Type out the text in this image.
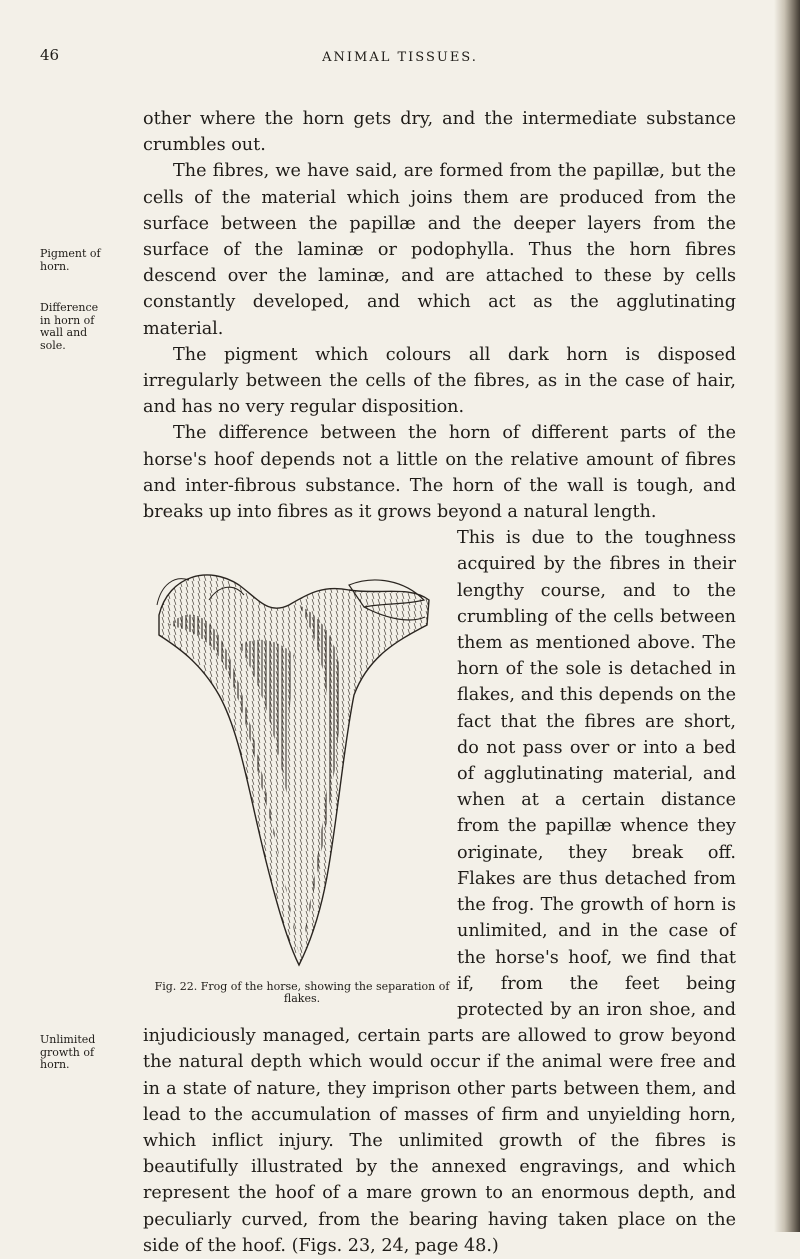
46	ANIMAL TISSUES.
Pigment of horn.
Difference in horn of wall and sole.
Unlimited growth of horn.

other where the horn gets dry, and the intermediate substance crumbles out.

The fibres, we have said, are formed from the papillæ, but the cells of the material which joins them are produced from the surface between the papillæ and the deeper layers from the surface of the laminæ or podophylla. Thus the horn fibres descend over the laminæ, and are attached to these by cells constantly developed, and which act as the agglutinating material.

The pigment which colours all dark horn is disposed irregularly between the cells of the fibres, as in the case of hair, and has no very regular disposition.

The difference between the horn of different parts of the horse's hoof depends not a little on the relative amount of fibres and inter-fibrous substance. The horn of the wall is tough, and breaks up into fibres as it grows beyond a natural length.

Fig. 22. Frog of the horse, showing the separation of flakes.

This is due to the toughness acquired by the fibres in their lengthy course, and to the crumbling of the cells between them as mentioned above. The horn of the sole is detached in flakes, and this depends on the fact that the fibres are short, do not pass over or into a bed of agglutinating material, and when at a certain distance from the papillæ whence they originate, they break off. Flakes are thus detached from the frog. The growth of horn is unlimited, and in the case of the horse's hoof, we find that if, from the feet being protected by an iron shoe, and injudiciously managed, certain parts are allowed to grow beyond the natural depth which would occur if the animal were free and in a state of nature, they imprison other parts between them, and lead to the accumulation of masses of firm and unyielding horn, which inflict injury. The unlimited growth of the fibres is beautifully illustrated by the annexed engravings, and which represent the hoof of a mare grown to an enormous depth, and peculiarly curved, from the bearing having taken place on the side of the hoof. (Figs. 23, 24, page 48.)
